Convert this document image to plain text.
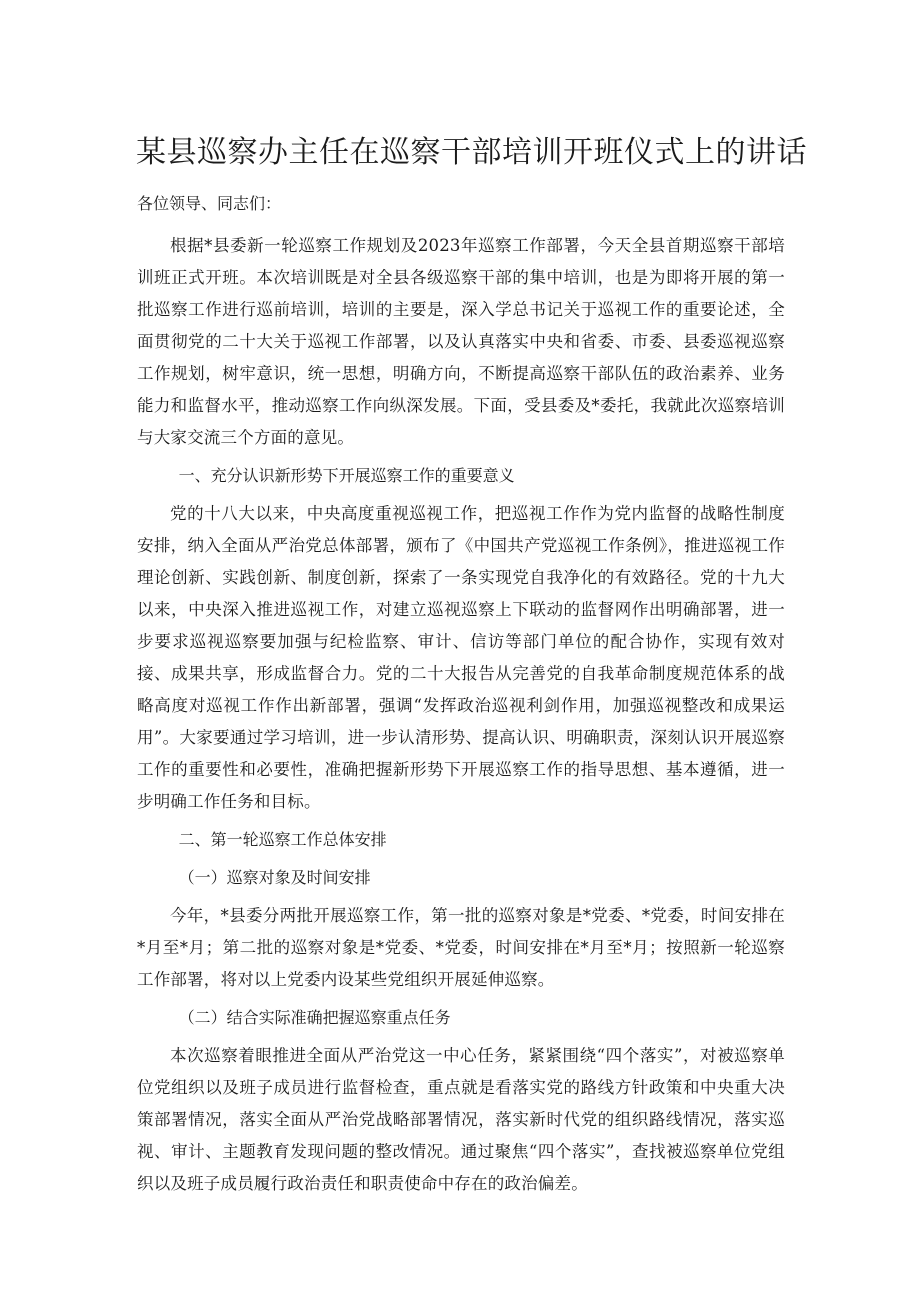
某县巡察办主任在巡察干部培训开班仪式上的讲话

各位领导、同志们：

根据*县委新一轮巡察工作规划及2023年巡察工作部署，今天全县首期巡察干部培训班正式开班。本次培训既是对全县各级巡察干部的集中培训，也是为即将开展的第一批巡察工作进行巡前培训，培训的主要是，深入学总书记关于巡视工作的重要论述，全面贯彻党的二十大关于巡视工作部署，以及认真落实中央和省委、市委、县委巡视巡察工作规划，树牢意识，统一思想，明确方向，不断提高巡察干部队伍的政治素养、业务能力和监督水平，推动巡察工作向纵深发展。下面，受县委及*委托，我就此次巡察培训与大家交流三个方面的意见。

一、充分认识新形势下开展巡察工作的重要意义

党的十八大以来，中央高度重视巡视工作，把巡视工作作为党内监督的战略性制度安排，纳入全面从严治党总体部署，颁布了《中国共产党巡视工作条例》，推进巡视工作理论创新、实践创新、制度创新，探索了一条实现党自我净化的有效路径。党的十九大以来，中央深入推进巡视工作，对建立巡视巡察上下联动的监督网作出明确部署，进一步要求巡视巡察要加强与纪检监察、审计、信访等部门单位的配合协作，实现有效对接、成果共享，形成监督合力。党的二十大报告从完善党的自我革命制度规范体系的战略高度对巡视工作作出新部署，强调“发挥政治巡视利剑作用，加强巡视整改和成果运用”。大家要通过学习培训，进一步认清形势、提高认识、明确职责，深刻认识开展巡察工作的重要性和必要性，准确把握新形势下开展巡察工作的指导思想、基本遵循，进一步明确工作任务和目标。

二、第一轮巡察工作总体安排

（一）巡察对象及时间安排

今年，*县委分两批开展巡察工作，第一批的巡察对象是*党委、*党委，时间安排在*月至*月；第二批的巡察对象是*党委、*党委，时间安排在*月至*月；按照新一轮巡察工作部署，将对以上党委内设某些党组织开展延伸巡察。

（二）结合实际准确把握巡察重点任务

本次巡察着眼推进全面从严治党这一中心任务，紧紧围绕“四个落实”，对被巡察单位党组织以及班子成员进行监督检查，重点就是看落实党的路线方针政策和中央重大决策部署情况，落实全面从严治党战略部署情况，落实新时代党的组织路线情况，落实巡视、审计、主题教育发现问题的整改情况。通过聚焦“四个落实”，查找被巡察单位党组织以及班子成员履行政治责任和职责使命中存在的政治偏差。
